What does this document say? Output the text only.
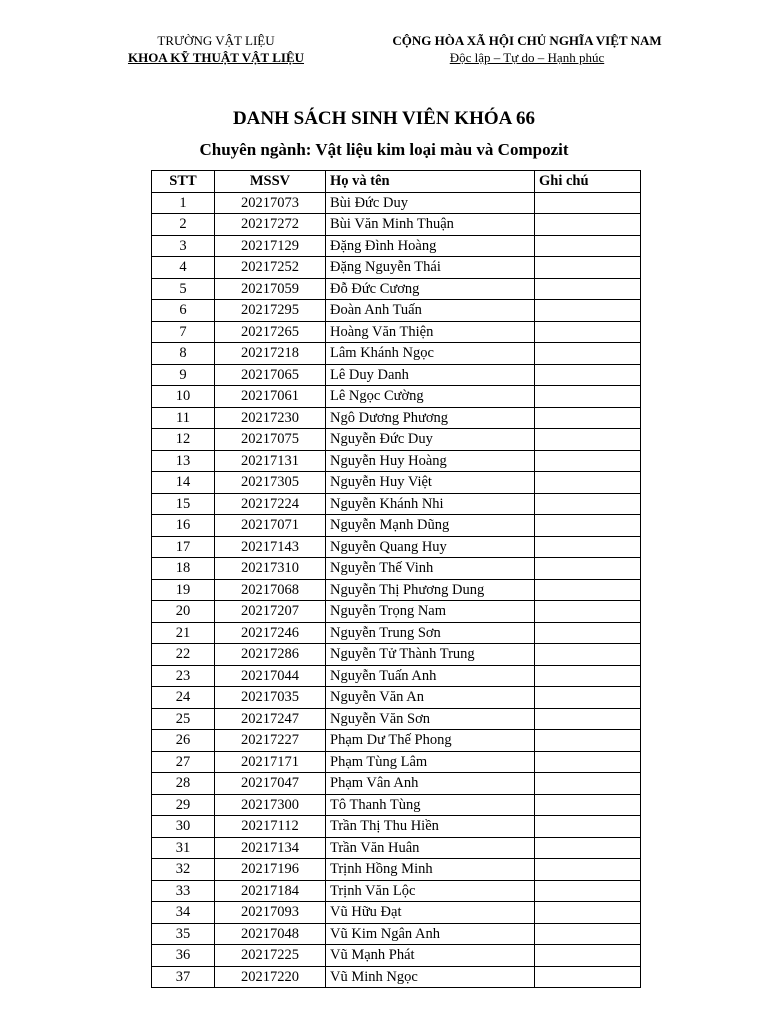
TRƯỜNG VẬT LIỆU
KHOA KỸ THUẬT VẬT LIỆU
CỘNG HÒA XÃ HỘI CHỦ NGHĨA VIỆT NAM
Độc lập – Tự do – Hạnh phúc
DANH SÁCH SINH VIÊN KHÓA 66
Chuyên ngành: Vật liệu kim loại màu và Compozit
STT	MSSV	Họ và tên	Ghi chú
1	20217073	Bùi Đức Duy	
2	20217272	Bùi Văn Minh Thuận	
3	20217129	Đặng Đình Hoàng	
4	20217252	Đặng Nguyễn Thái	
5	20217059	Đỗ Đức Cương	
6	20217295	Đoàn Anh Tuấn	
7	20217265	Hoàng Văn Thiện	
8	20217218	Lâm Khánh Ngọc	
9	20217065	Lê Duy Danh	
10	20217061	Lê Ngọc Cường	
11	20217230	Ngô Dương Phương	
12	20217075	Nguyễn Đức Duy	
13	20217131	Nguyễn Huy Hoàng	
14	20217305	Nguyễn Huy Việt	
15	20217224	Nguyễn Khánh Nhi	
16	20217071	Nguyễn Mạnh Dũng	
17	20217143	Nguyễn Quang Huy	
18	20217310	Nguyễn Thế Vinh	
19	20217068	Nguyễn Thị Phương Dung	
20	20217207	Nguyễn Trọng Nam	
21	20217246	Nguyễn Trung Sơn	
22	20217286	Nguyễn Tử Thành Trung	
23	20217044	Nguyễn Tuấn Anh	
24	20217035	Nguyễn Văn An	
25	20217247	Nguyễn Văn Sơn	
26	20217227	Phạm Dư Thế Phong	
27	20217171	Phạm Tùng Lâm	
28	20217047	Phạm Vân Anh	
29	20217300	Tô Thanh Tùng	
30	20217112	Trần Thị Thu Hiền	
31	20217134	Trần Văn Huân	
32	20217196	Trịnh Hồng Minh	
33	20217184	Trịnh Văn Lộc	
34	20217093	Vũ Hữu Đạt	
35	20217048	Vũ Kim Ngân Anh	
36	20217225	Vũ Mạnh Phát	
37	20217220	Vũ Minh Ngọc	
